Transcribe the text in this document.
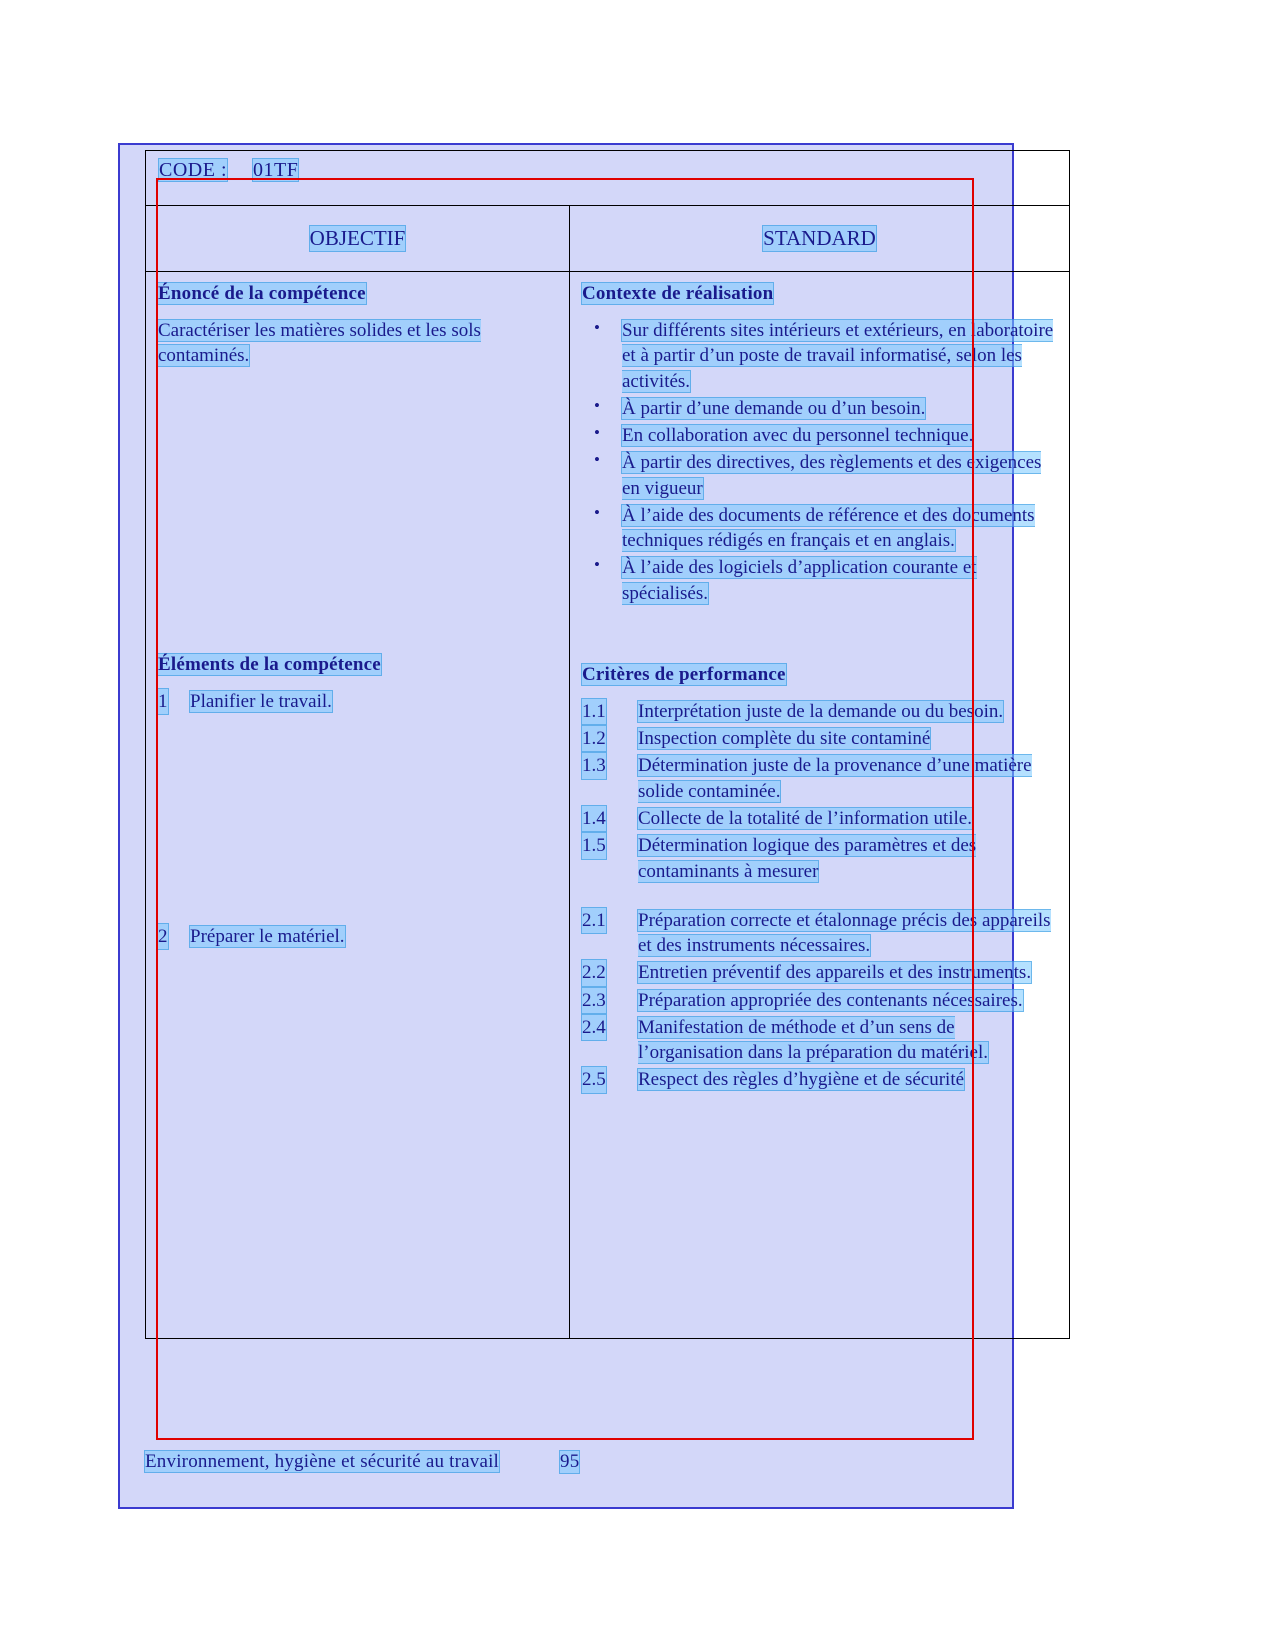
CODE : 01TF
OBJECTIF	STANDARD
Énoncé de la compétence
Caractériser les matières solides et les sols contaminés.
Éléments de la compétence
1 Planifier le travail.
2 Préparer le matériel.
Contexte de réalisation
• Sur différents sites intérieurs et extérieurs, en laboratoire et à partir d’un poste de travail informatisé, selon les activités.
• À partir d’une demande ou d’un besoin.
• En collaboration avec du personnel technique.
• À partir des directives, des règlements et des exigences en vigueur
• À l’aide des documents de référence et des documents techniques rédigés en français et en anglais.
• À l’aide des logiciels d’application courante et spécialisés.
Critères de performance
1.1 Interprétation juste de la demande ou du besoin.
1.2 Inspection complète du site contaminé
1.3 Détermination juste de la provenance d’une matière solide contaminée.
1.4 Collecte de la totalité de l’information utile.
1.5 Détermination logique des paramètres et des contaminants à mesurer
2.1 Préparation correcte et étalonnage précis des appareils et des instruments nécessaires.
2.2 Entretien préventif des appareils et des instruments.
2.3 Préparation appropriée des contenants nécessaires.
2.4 Manifestation de méthode et d’un sens de l’organisation dans la préparation du matériel.
2.5 Respect des règles d’hygiène et de sécurité
Environnement, hygiène et sécurité au travail	95
